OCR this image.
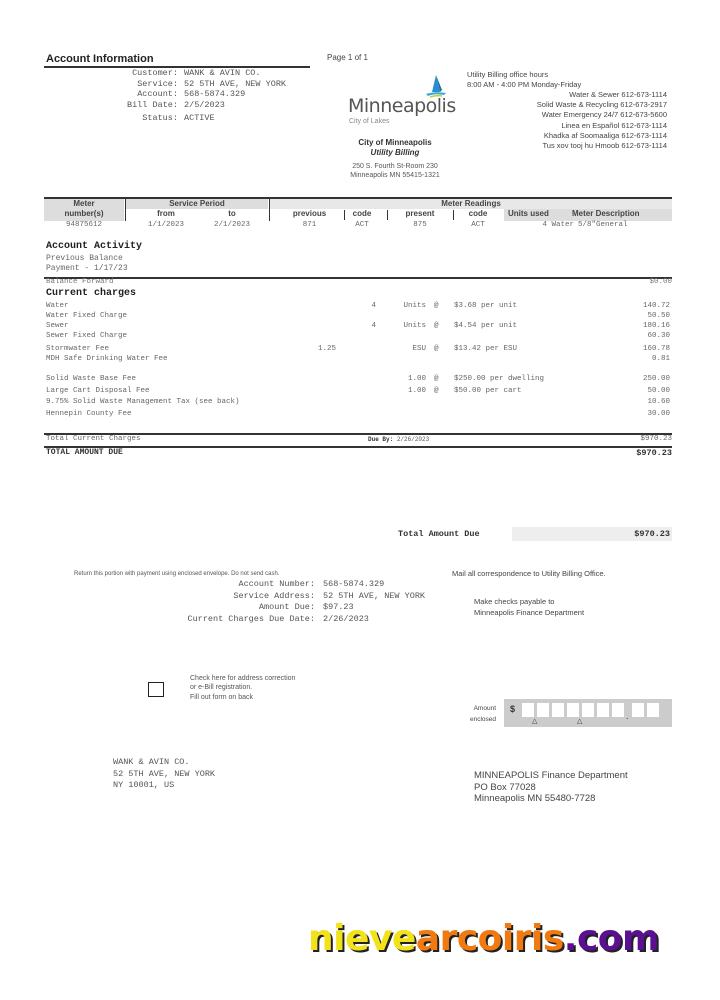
Account Information
Customer: WANK & AVIN CO.
Service: 52 5TH AVE, NEW YORK
Account: 568-5874.329
Bill Date: 2/5/2023
Status: ACTIVE
Page 1 of 1
Minneapolis
City of Lakes
City of Minneapolis
Utility Billing
250 S. Fourth St-Room 230
Minneapolis MN 55415-1321
Utility Billing office hours
8:00 AM - 4:00 PM Monday-Friday
Water & Sewer 612-673-1114
Solid Waste & Recycling 612-673-2917
Water Emergency 24/7 612-673-5600
Linea en Español 612-673-1114
Khadka af Soomaaliga 612-673-1114
Tus xov tooj hu Hmoob 612-673-1114
Meter	Service Period	Meter Readings
number(s)	from	to	previous	code	present	code	Units used	Meter Description
94875612	1/1/2023	2/1/2023	871	ACT	875	ACT	4 Water 5/8"General
Account Activity
Previous Balance
Payment - 1/17/23
Balance Forward	$0.00
Current charges
Water	4	Units @ $3.68 per unit	140.72
Water Fixed Charge	50.50
Sewer	4	Units @ $4.54 per unit	180.16
Sewer Fixed Charge	60.30
Stormwater Fee	1.25	ESU @ $13.42 per ESU	160.78
MDH Safe Drinking Water Fee	0.81
Solid Waste Base Fee	1.00 @ $250.00 per dwelling	250.00
Large Cart Disposal Fee	1.00 @ $50.00 per cart	50.00
9.75% Solid Waste Management Tax (see back)	10.60
Hennepin County Fee	30.00
Total Current Charges	Due By: 2/26/2023	$970.23
TOTAL AMOUNT DUE	$970.23
Total Amount Due	$970.23
Return this portion with payment using enclosed envelope. Do not send cash.
Account Number: 568-5874.329
Service Address: 52 5TH AVE, NEW YORK
Amount Due: $97.23
Current Charges Due Date: 2/26/2023
Mail all correspondence to Utility Billing Office.
Make checks payable to
Minneapolis Finance Department
Check here for address correction
or e-Bill registration.
Fill out form on back
Amount
enclosed
$
.
△	△
WANK & AVIN CO.
52 5TH AVE, NEW YORK
NY 10001, US
MINNEAPOLIS Finance Department
PO Box 77028
Minneapolis MN 55480-7728
nievearcoiris.com
